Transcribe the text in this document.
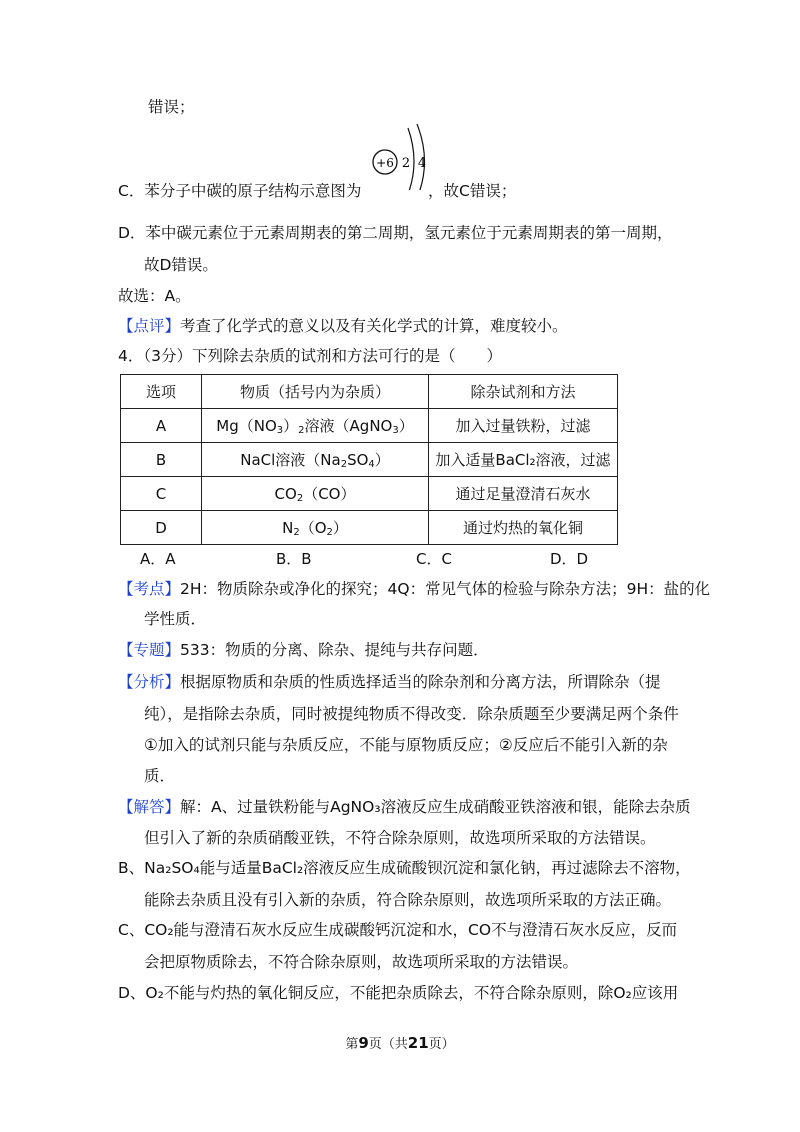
错误；
+6 2 4
C．苯分子中碳的原子结构示意图为	，故C错误；
D．苯中碳元素位于元素周期表的第二周期，氢元素位于元素周期表的第一周期，
故D错误。
故选：A。
【点评】考查了化学式的意义以及有关化学式的计算，难度较小。
4．（3分）下列除去杂质的试剂和方法可行的是（　　）
选项	物质（括号内为杂质）	除杂试剂和方法
A	$Mg(NO_3)_2$溶液（AgNO$_3$）	加入过量铁粉，过滤
B	NaCl溶液$(Na_2SO_4)$	加入适量BaCl₂溶液，过滤
C	$CO_2(CO)$	通过足量澄清石灰水
D	$N_2(O_2)$	通过灼热的氧化铜
A．A	B．B	C．C	D．D
【考点】2H：物质除杂或净化的探究；4Q：常见气体的检验与除杂方法；9H：盐的化
学性质．
【专题】533：物质的分离、除杂、提纯与共存问题．
【分析】根据原物质和杂质的性质选择适当的除杂剂和分离方法，所谓除杂（提
纯），是指除去杂质，同时被提纯物质不得改变．除杂质题至少要满足两个条件
①加入的试剂只能与杂质反应，不能与原物质反应；②反应后不能引入新的杂
质．
【解答】解：A、过量铁粉能与AgNO₃溶液反应生成硝酸亚铁溶液和银，能除去杂质
但引入了新的杂质硝酸亚铁，不符合除杂原则，故选项所采取的方法错误。
B、Na₂SO₄能与适量BaCl₂溶液反应生成硫酸钡沉淀和氯化钠，再过滤除去不溶物，
能除去杂质且没有引入新的杂质，符合除杂原则，故选项所采取的方法正确。
C、CO₂能与澄清石灰水反应生成碳酸钙沉淀和水，CO不与澄清石灰水反应，反而
会把原物质除去，不符合除杂原则，故选项所采取的方法错误。
D、O₂不能与灼热的氧化铜反应，不能把杂质除去，不符合除杂原则，除O₂应该用
第9页（共21页）
